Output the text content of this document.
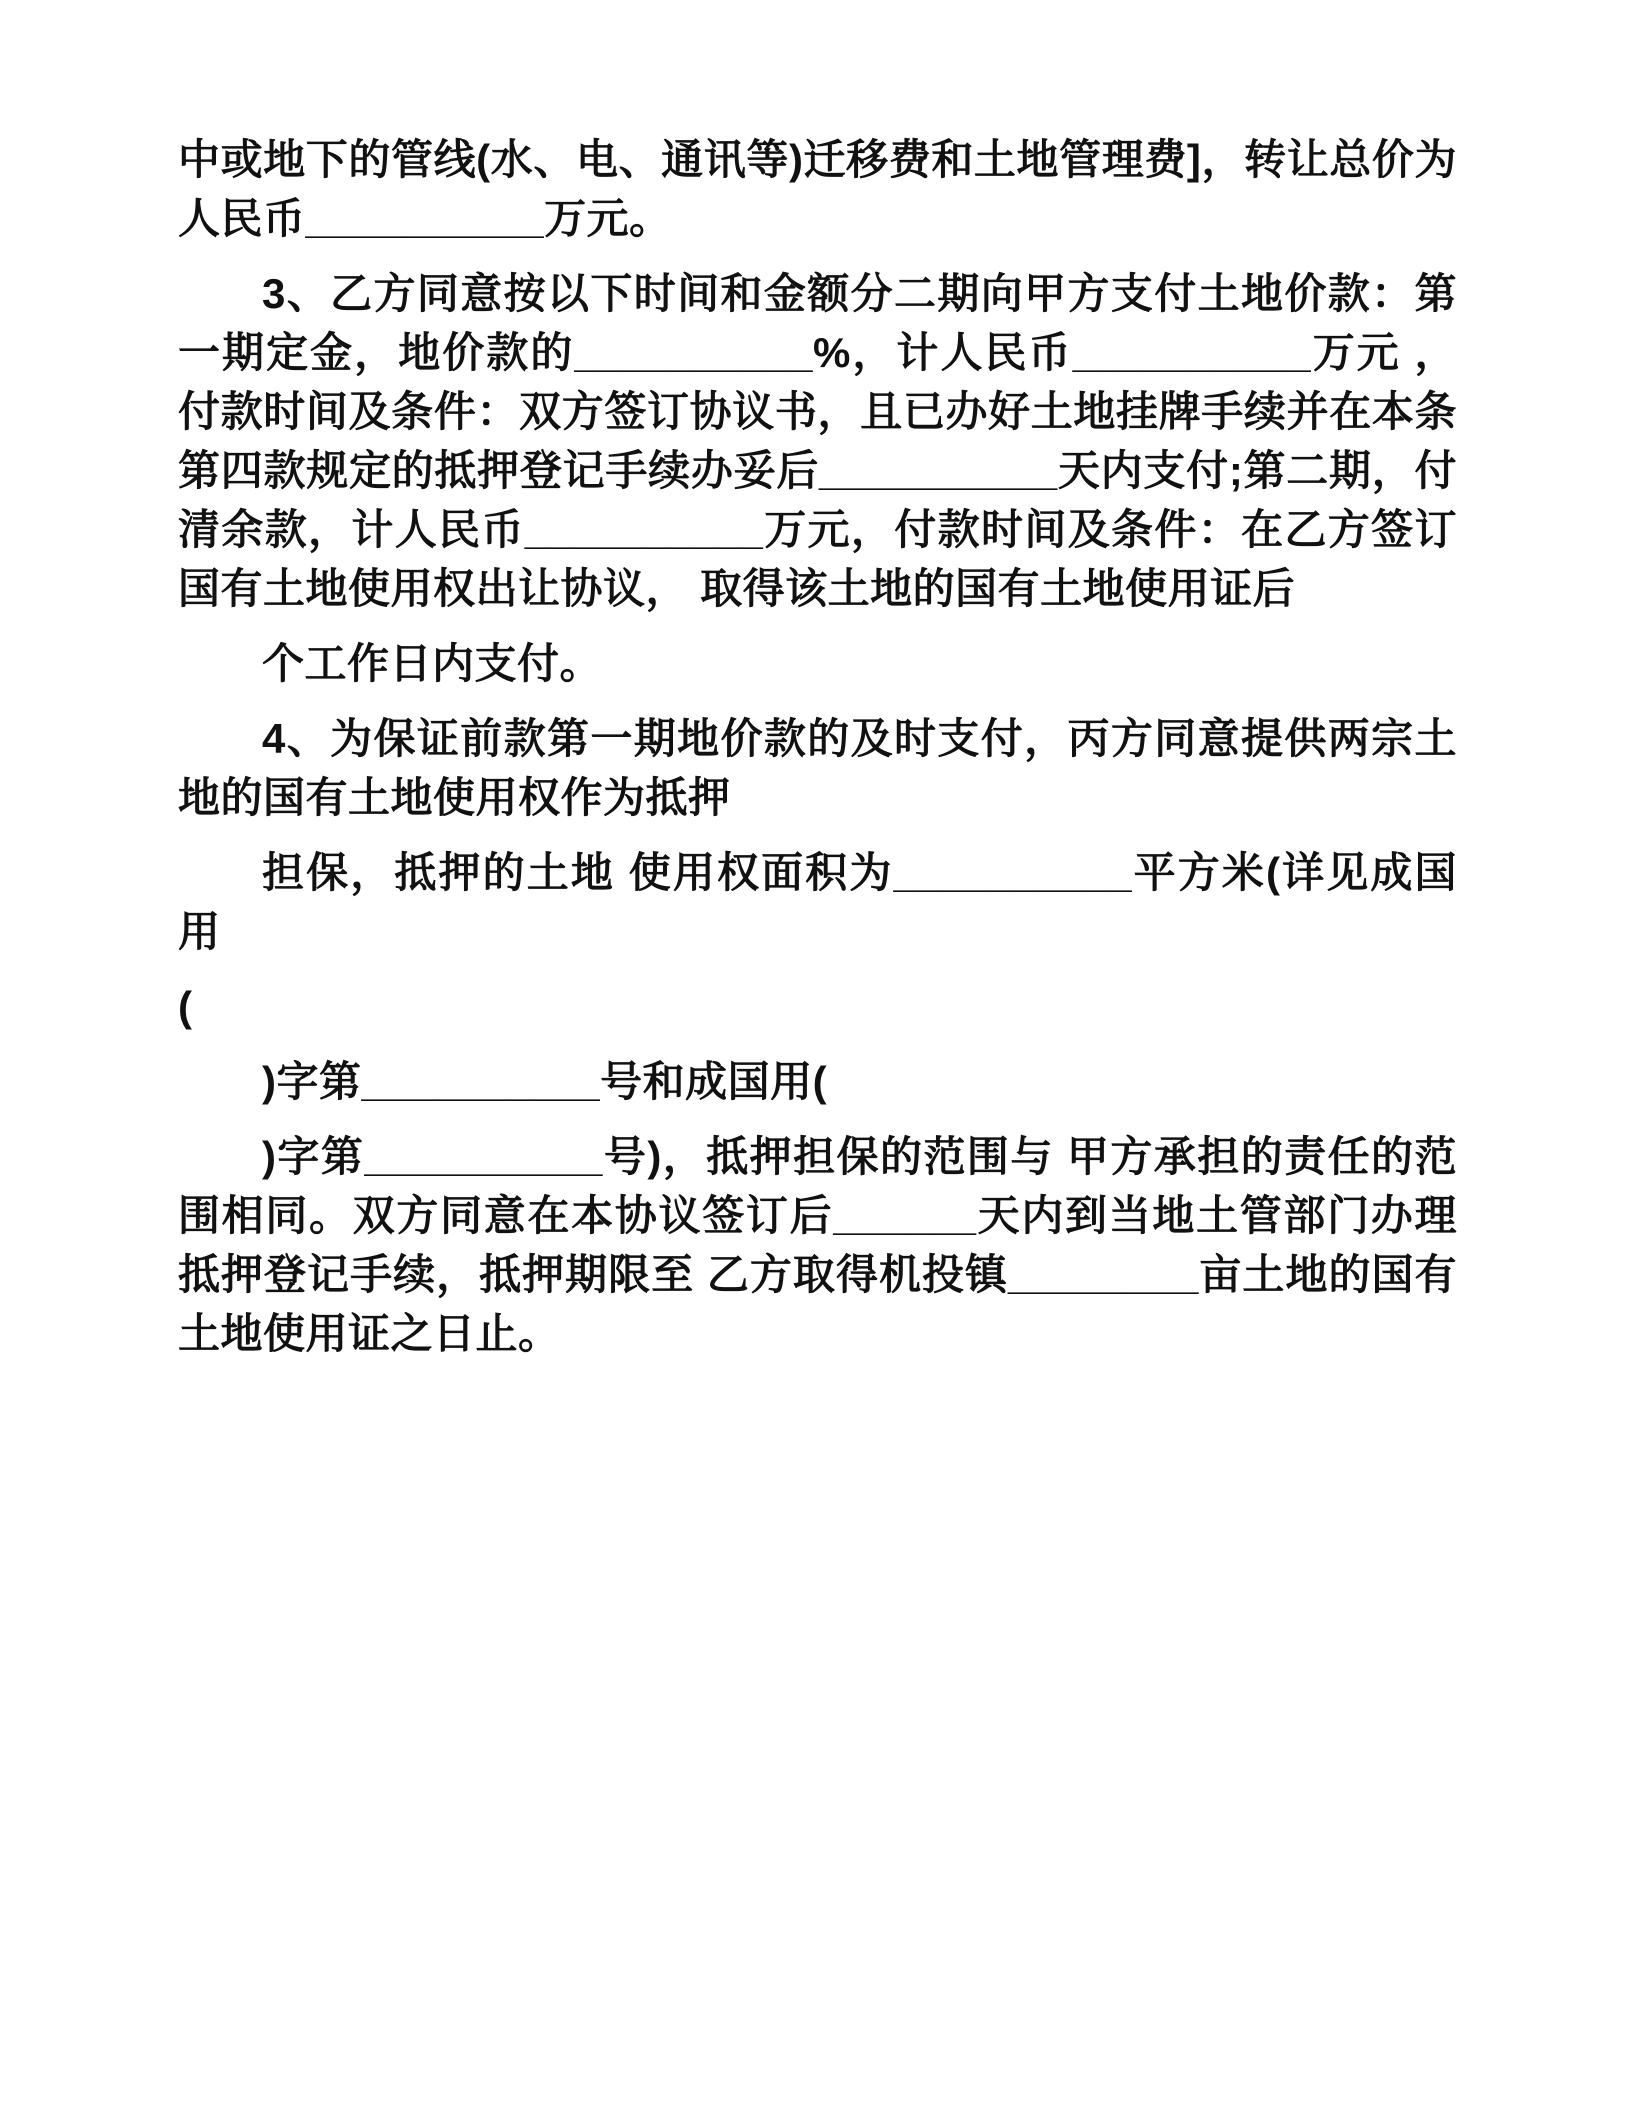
中或地下的管线(水、电、通讯等)迁移费和土地管理费]，转让总价为人民币__________万元。

3、乙方同意按以下时间和金额分二期向甲方支付土地价款：第一期定金，地价款的__________%，计人民币__________万元 ，付款时间及条件：双方签订协议书，且已办好土地挂牌手续并在本条第四款规定的抵押登记手续办妥后__________天内支付;第二期，付清余款，计人民币__________万元，付款时间及条件：在乙方签订国有土地使用权出让协议， 取得该土地的国有土地使用证后

个工作日内支付。

4、为保证前款第一期地价款的及时支付，丙方同意提供两宗土地的国有土地使用权作为抵押

担保，抵押的土地 使用权面积为__________平方米(详见成国用

(

)字第__________号和成国用(

)字第__________号)，抵押担保的范围与 甲方承担的责任的范围相同。双方同意在本协议签订后______天内到当地土管部门办理抵押登记手续，抵押期限至 乙方取得机投镇________亩土地的国有土地使用证之日止。
